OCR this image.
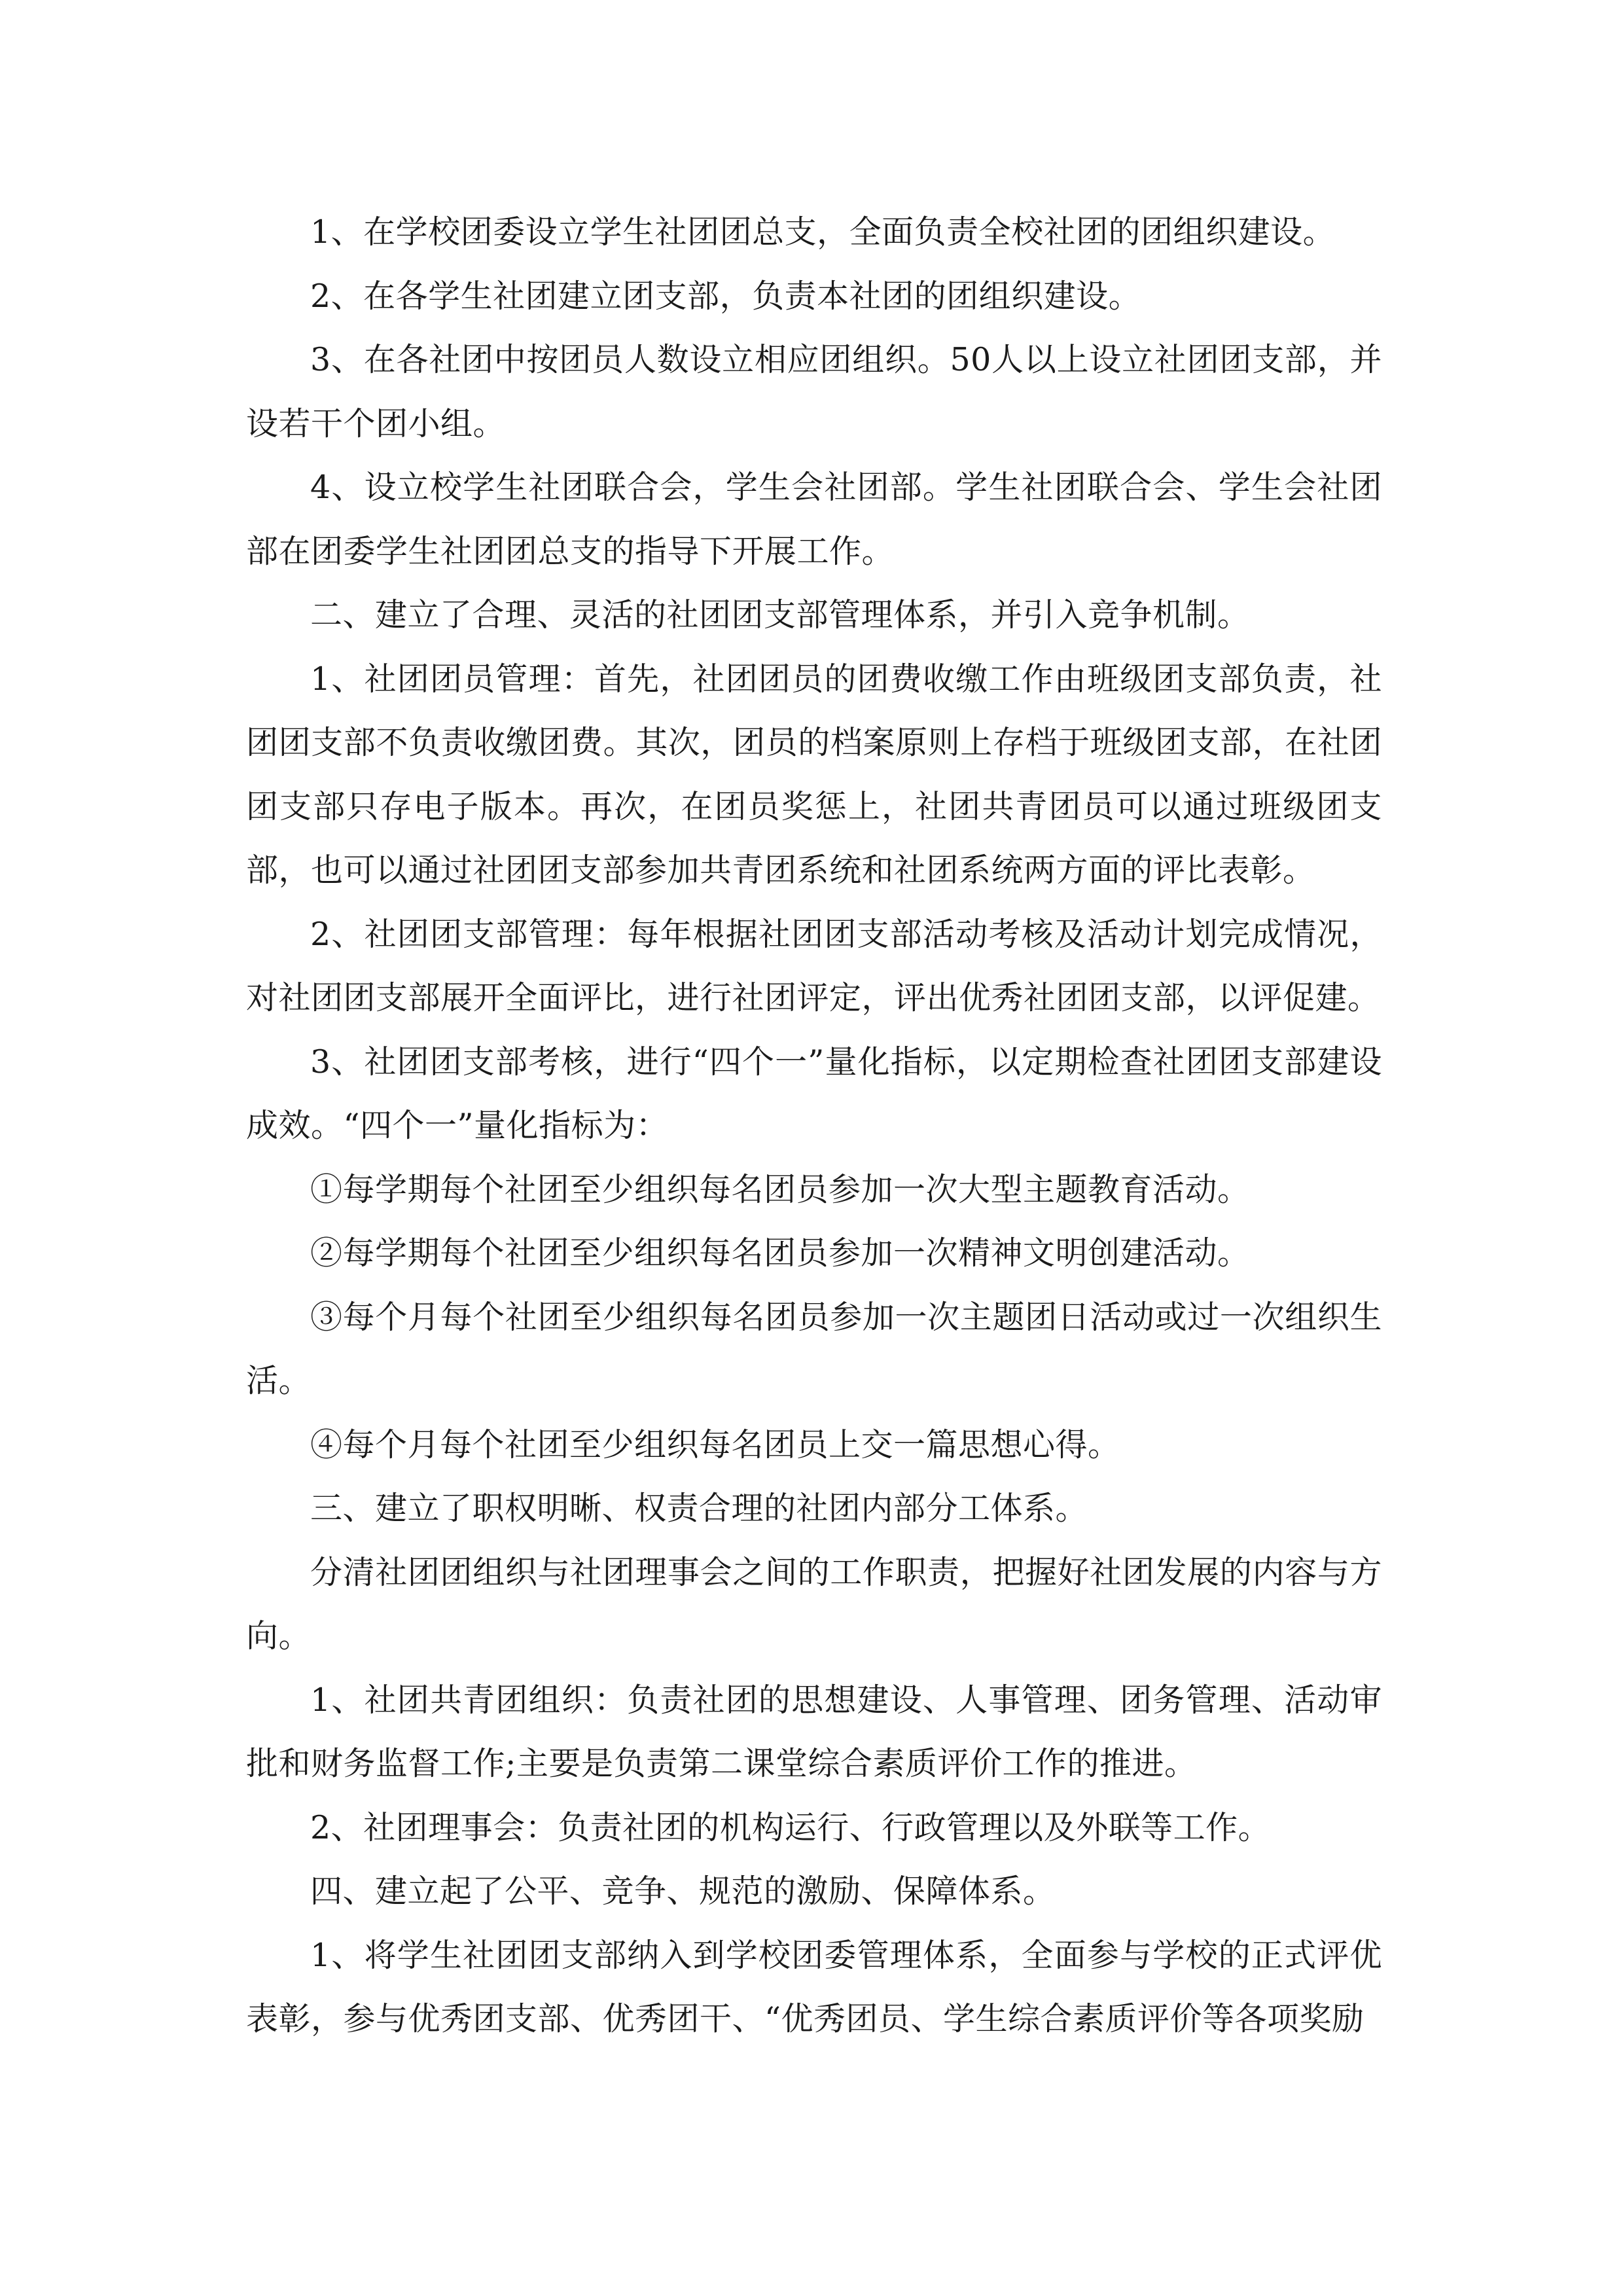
1、在学校团委设立学生社团团总支，全面负责全校社团的团组织建设。

2、在各学生社团建立团支部，负责本社团的团组织建设。

3、在各社团中按团员人数设立相应团组织。50人以上设立社团团支部，并设若干个团小组。

4、设立校学生社团联合会，学生会社团部。学生社团联合会、学生会社团部在团委学生社团团总支的指导下开展工作。

二、建立了合理、灵活的社团团支部管理体系，并引入竞争机制。

1、社团团员管理：首先，社团团员的团费收缴工作由班级团支部负责，社团团支部不负责收缴团费。其次，团员的档案原则上存档于班级团支部，在社团团支部只存电子版本。再次，在团员奖惩上，社团共青团员可以通过班级团支部，也可以通过社团团支部参加共青团系统和社团系统两方面的评比表彰。

2、社团团支部管理：每年根据社团团支部活动考核及活动计划完成情况，对社团团支部展开全面评比，进行社团评定，评出优秀社团团支部，以评促建。

3、社团团支部考核，进行“四个一”量化指标，以定期检查社团团支部建设成效。“四个一”量化指标为：

①每学期每个社团至少组织每名团员参加一次大型主题教育活动。

②每学期每个社团至少组织每名团员参加一次精神文明创建活动。

③每个月每个社团至少组织每名团员参加一次主题团日活动或过一次组织生活。

④每个月每个社团至少组织每名团员上交一篇思想心得。

三、建立了职权明晰、权责合理的社团内部分工体系。

分清社团团组织与社团理事会之间的工作职责，把握好社团发展的内容与方向。

1、社团共青团组织：负责社团的思想建设、人事管理、团务管理、活动审批和财务监督工作;主要是负责第二课堂综合素质评价工作的推进。

2、社团理事会：负责社团的机构运行、行政管理以及外联等工作。

四、建立起了公平、竞争、规范的激励、保障体系。

1、将学生社团团支部纳入到学校团委管理体系，全面参与学校的正式评优表彰，参与优秀团支部、优秀团干、“优秀团员、学生综合素质评价等各项奖励
